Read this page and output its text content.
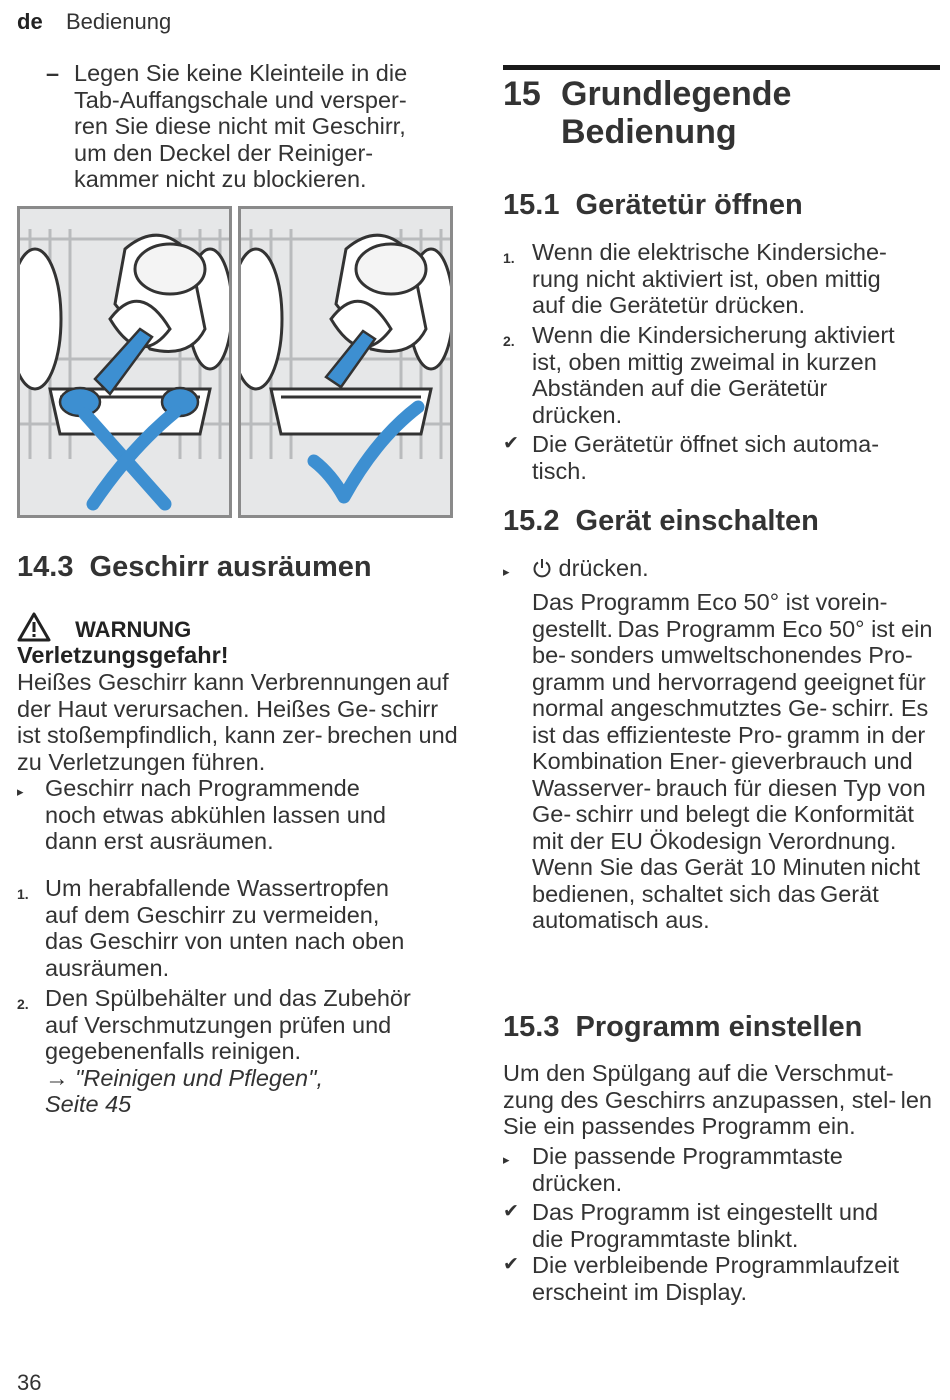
de Bedienung
– Legen Sie keine Kleinteile in die
Tab-Auffangschale und versper-
ren Sie diese nicht mit Geschirr,
um den Deckel der Reiniger-
kammer nicht zu blockieren.
14.3 Geschirr ausräumen
WARNUNG
Verletzungsgefahr!
Heißes Geschirr kann Verbrennungen auf der Haut verursachen. Heißes Ge- schirr ist stoßempfindlich, kann zer- brechen und zu Verletzungen führen.
▸ Geschirr nach Programmende
noch etwas abkühlen lassen und
dann erst ausräumen.
1. Um herabfallende Wassertropfen
auf dem Geschirr zu vermeiden,
das Geschirr von unten nach oben
ausräumen.
2. Den Spülbehälter und das Zubehör
auf Verschmutzungen prüfen und
gegebenenfalls reinigen.
→ "Reinigen und Pflegen",
Seite 45
15 Grundlegende Bedienung
15.1 Gerätetür öffnen
1. Wenn die elektrische Kindersiche-
rung nicht aktiviert ist, oben mittig
auf die Gerätetür drücken.
2. Wenn die Kindersicherung aktiviert
ist, oben mittig zweimal in kurzen
Abständen auf die Gerätetür
drücken.
✔ Die Gerätetür öffnet sich automa-
tisch.
15.2 Gerät einschalten
▸	drücken.
Das Programm Eco 50° ist vorein- gestellt. Das Programm Eco 50° ist ein be- sonders umweltschonendes Pro- gramm und hervorragend geeignet für normal angeschmutztes Ge- schirr. Es ist das effizienteste Pro- gramm in der Kombination Ener- gieverbrauch und Wasserver- brauch für diesen Typ von Ge- schirr und belegt die Konformität mit der EU Ökodesign Verordnung. Wenn Sie das Gerät 10 Minuten nicht bedienen, schaltet sich das Gerät automatisch aus.
15.3 Programm einstellen
Um den Spülgang auf die Verschmut- zung des Geschirrs anzupassen, stel- len Sie ein passendes Programm ein.
▸ Die passende Programmtaste
drücken.
✔ Das Programm ist eingestellt und
die Programmtaste blinkt.
✔ Die verbleibende Programmlaufzeit
erscheint im Display.
36
